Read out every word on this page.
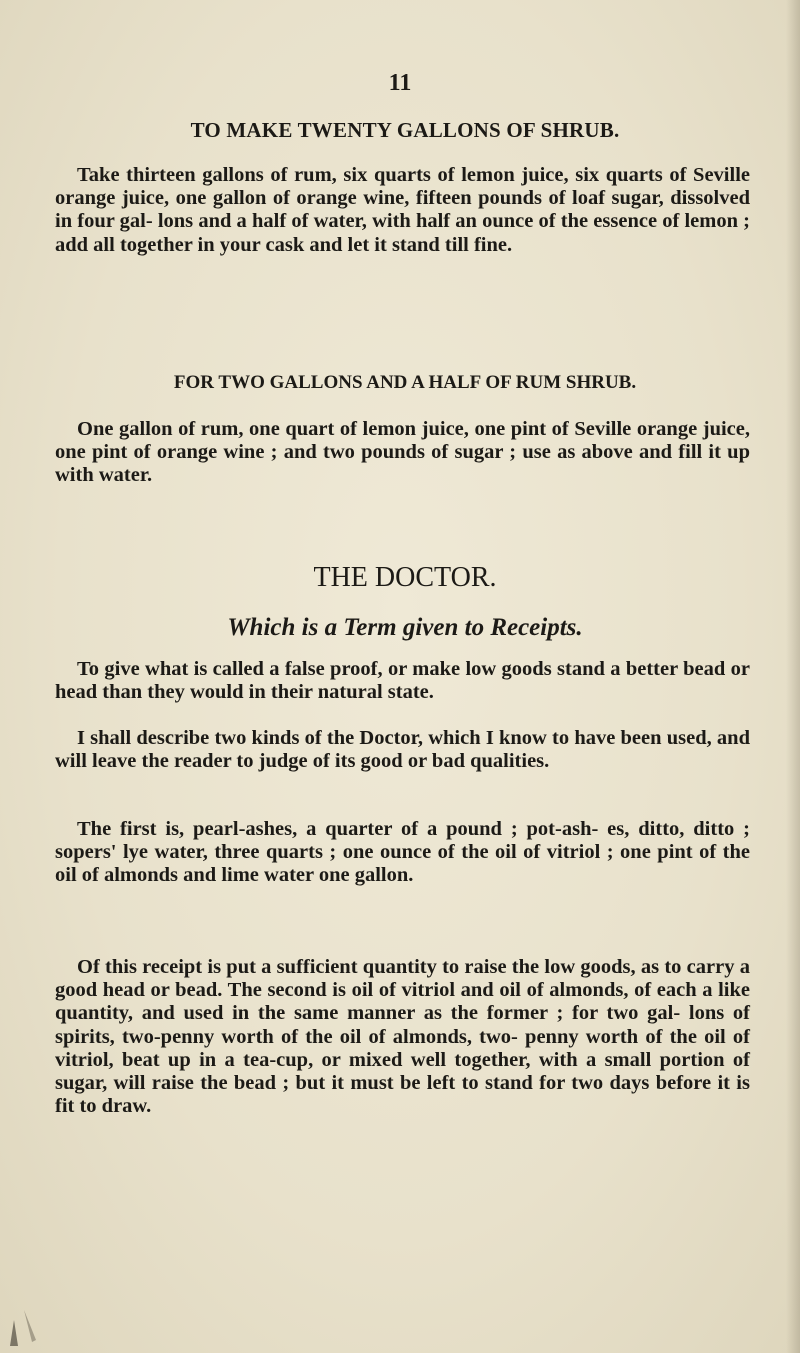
11
TO MAKE TWENTY GALLONS OF SHRUB.

Take thirteen gallons of rum, six quarts of lemon juice, six quarts of Seville orange juice, one gallon of orange wine, fifteen pounds of loaf sugar, dissolved in four gal- lons and a half of water, with half an ounce of the essence of lemon ; add all together in your cask and let it stand till fine.

FOR TWO GALLONS AND A HALF OF RUM SHRUB.

One gallon of rum, one quart of lemon juice, one pint of Seville orange juice, one pint of orange wine ; and two pounds of sugar ; use as above and fill it up with water.

THE DOCTOR.
Which is a Term given to Receipts.

To give what is called a false proof, or make low goods stand a better bead or head than they would in their natural state.

I shall describe two kinds of the Doctor, which I know to have been used, and will leave the reader to judge of its good or bad qualities.

The first is, pearl-ashes, a quarter of a pound ; pot-ash- es, ditto, ditto ; sopers' lye water, three quarts ; one ounce of the oil of vitriol ; one pint of the oil of almonds and lime water one gallon.

Of this receipt is put a sufficient quantity to raise the low goods, as to carry a good head or bead. The second is oil of vitriol and oil of almonds, of each a like quantity, and used in the same manner as the former ; for two gal- lons of spirits, two-penny worth of the oil of almonds, two- penny worth of the oil of vitriol, beat up in a tea-cup, or mixed well together, with a small portion of sugar, will raise the bead ; but it must be left to stand for two days before it is fit to draw.
